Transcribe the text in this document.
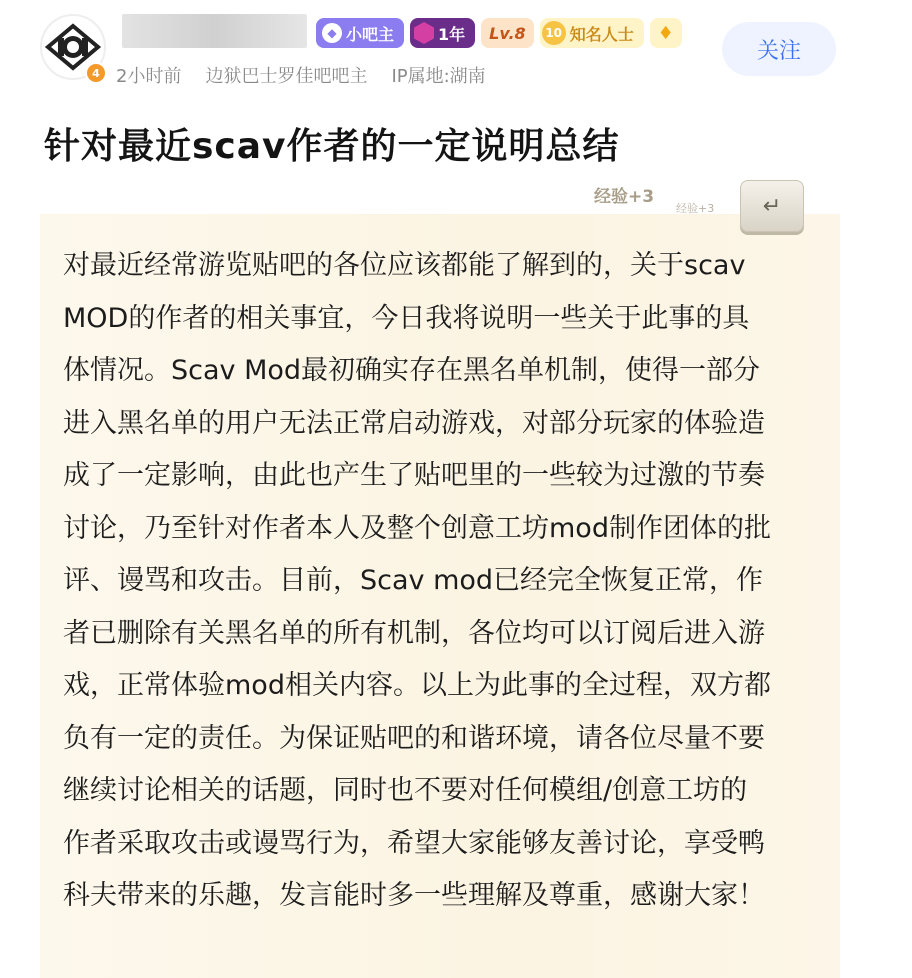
4
◆ 小吧主	1年 Lv.8	10 知名人士 ♦
2小时前 边狱巴士罗佳吧吧主 IP属地:湖南
关注
针对最近scav作者的一定说明总结
经验+3
经验+3	↵
对最近经常游览贴吧的各位应该都能了解到的，关于scav
MOD的作者的相关事宜，今日我将说明一些关于此事的具
体情况。Scav Mod最初确实存在黑名单机制，使得一部分
进入黑名单的用户无法正常启动游戏，对部分玩家的体验造
成了一定影响，由此也产生了贴吧里的一些较为过激的节奏
讨论，乃至针对作者本人及整个创意工坊mod制作团体的批
评、谩骂和攻击。目前，Scav mod已经完全恢复正常，作
者已删除有关黑名单的所有机制，各位均可以订阅后进入游
戏，正常体验mod相关内容。以上为此事的全过程，双方都
负有一定的责任。为保证贴吧的和谐环境，请各位尽量不要
继续讨论相关的话题，同时也不要对任何模组/创意工坊的
作者采取攻击或谩骂行为，希望大家能够友善讨论，享受鸭
科夫带来的乐趣，发言能时多一些理解及尊重，感谢大家！
